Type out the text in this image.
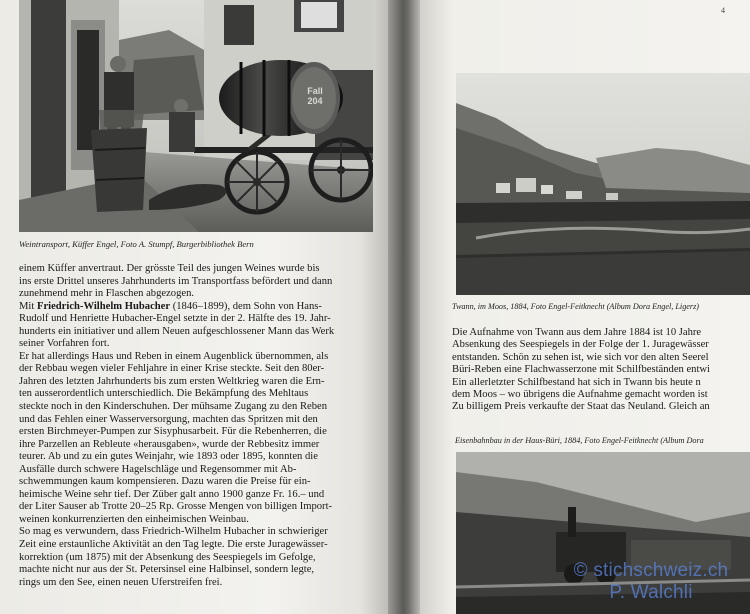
Fall
204
Weintransport, Küffer Engel, Foto A. Stumpf, Burgerbibliothek Bern
einem Küffer anvertraut. Der grösste Teil des jungen Weines wurde bis
ins erste Drittel unseres Jahrhunderts im Transportfass befördert und dann
zunehmend mehr in Flaschen abgezogen.
Mit Friedrich-Wilhelm Hubacher (1846–1899), dem Sohn von Hans-
Rudolf und Henriette Hubacher-Engel setzte in der 2. Hälfte des 19. Jahr-
hunderts ein initiativer und allem Neuen aufgeschlossener Mann das Werk
seiner Vorfahren fort.
Er hat allerdings Haus und Reben in einem Augenblick übernommen, als
der Rebbau wegen vieler Fehljahre in einer Krise steckte. Seit den 80er-
Jahren des letzten Jahrhunderts bis zum ersten Weltkrieg waren die Ern-
ten ausserordentlich unterschiedlich. Die Bekämpfung des Mehltaus
steckte noch in den Kinderschuhen. Der mühsame Zugang zu den Reben
und das Fehlen einer Wasserversorgung, machten das Spritzen mit den
ersten Birchmeyer-Pumpen zur Sisyphusarbeit. Für die Rebenherren, die
ihre Parzellen an Rebleute «herausgaben», wurde der Rebbesitz immer
teurer. Ab und zu ein gutes Weinjahr, wie 1893 oder 1895, konnten die
Ausfälle durch schwere Hagelschläge und Regensommer mit Ab-
schwemmungen kaum kompensieren. Dazu waren die Preise für ein-
heimische Weine sehr tief. Der Züber galt anno 1900 ganze Fr. 16.– und
der Liter Sauser ab Trotte 20–25 Rp. Grosse Mengen von billigen Import-
weinen konkurrenzierten den einheimischen Weinbau.
So mag es verwundern, dass Friedrich-Wilhelm Hubacher in schwieriger
Zeit eine erstaunliche Aktivität an den Tag legte. Die erste Juragewässer-
korrektion (um 1875) mit der Absenkung des Seespiegels im Gefolge,
machte nicht nur aus der St. Petersinsel eine Halbinsel, sondern legte,
rings um den See, einen neuen Uferstreifen frei.
4
Twann, im Moos, 1884, Foto Engel-Feitknecht (Album Dora Engel, Ligerz)
Die Aufnahme von Twann aus dem Jahre 1884 ist 10 Jahre
Absenkung des Seespiegels in der Folge der 1. Juragewässer
entstanden. Schön zu sehen ist, wie sich vor den alten Seerel
Büri-Reben eine Flachwasserzone mit Schilfbeständen entwi
Ein allerletzter Schilfbestand hat sich in Twann bis heute n
dem Moos – wo übrigens die Aufnahme gemacht worden ist
Zu billigem Preis verkaufte der Staat das Neuland. Gleich an
Eisenbahnbau in der Haus-Büri, 1884, Foto Engel-Feitknecht (Album Dora
© stichschweiz.ch
P. Walchli
